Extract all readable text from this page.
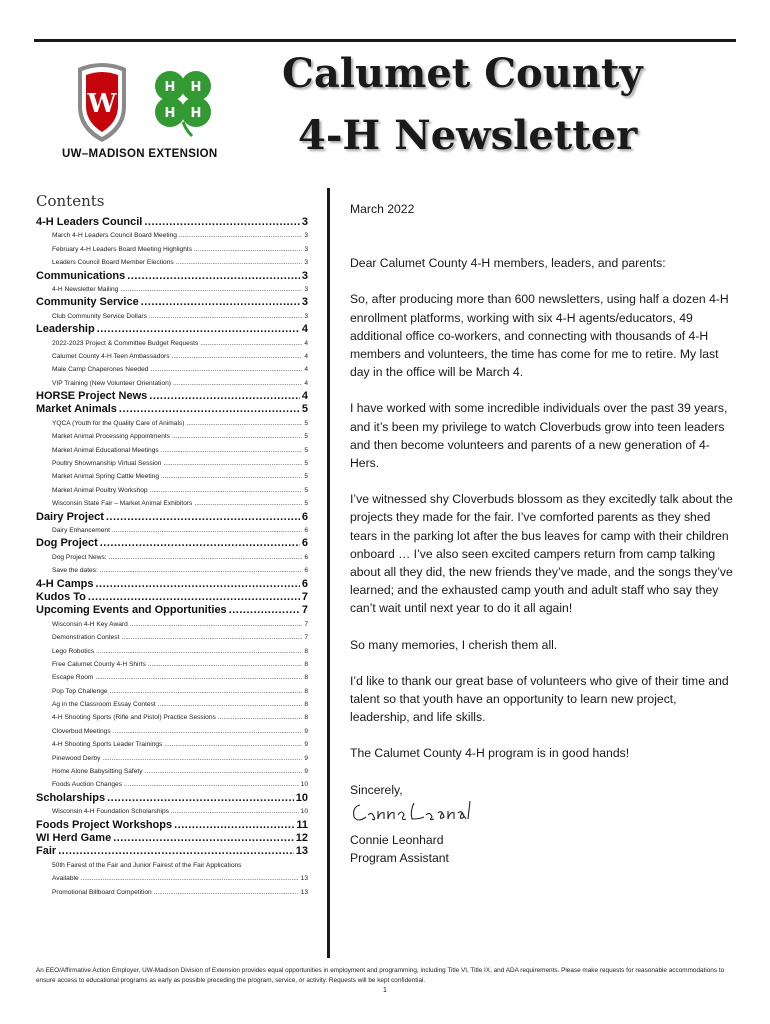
W
H H
H H
UW–MADISON EXTENSION
Calumet County
4-H Newsletter
Contents
4-H Leaders Council .....	3
March 4-H Leaders Council Board Meeting .....	3
February 4-H Leaders Board Meeting Highlights .....	3
Leaders Council Board Member Elections .....	3
Communications .....	3
4-H Newsletter Mailing .....	3
Community Service .....	3
Club Community Service Dollars .....	3
Leadership .....	4
2022-2023 Project & Committee Budget Requests .....	4
Calumet County 4-H Teen Ambassadors .....	4
Male Camp Chaperones Needed .....	4
VIP Training (New Volunteer Orientation) .....	4
HORSE Project News .....	4
Market Animals .....	5
YQCA (Youth for the Quality Care of Animals) .....	5
Market Animal Processing Appointments .....	5
Market Animal Educational Meetings .....	5
Poultry Showmanship Virtual Session .....	5
Market Animal Spring Cattle Meeting .....	5
Market Animal Poultry Workshop .....	5
Wisconsin State Fair – Market Animal Exhibitors .....	5
Dairy Project .....	6
Dairy Enhancement .....	6
Dog Project .....	6
Dog Project News: .....	6
Save the dates: .....	6
4-H Camps .....	6
Kudos To .....	7
Upcoming Events and Opportunities .....	7
Wisconsin 4-H Key Award .....	7
Demonstration Contest .....	7
Lego Robotics .....	8
Free Calumet County 4-H Shirts .....	8
Escape Room .....	8
Pop Top Challenge .....	8
Ag in the Classroom Essay Contest .....	8
4-H Shooting Sports (Rifle and Pistol) Practice Sessions .....	8
Cloverbud Meetings .....	9
4-H Shooting Sports Leader Trainings .....	9
Pinewood Derby .....	9
Home Alone Babysitting Safety .....	9
Foods Auction Changes .....	10
Scholarships .....	10
Wisconsin 4-H Foundation Scholarships .....	10
Foods Project Workshops .....	11
WI Herd Game .....	12
Fair .....	13
50th Fairest of the Fair and Junior Fairest of the Fair Applications
Available .....	13
Promotional Billboard Competition .....	13

March 2022

Dear Calumet County 4-H members, leaders, and parents:

So, after producing more than 600 newsletters, using half a dozen 4-H enrollment platforms, working with six 4-H agents/educators, 49 additional office co-workers, and connecting with thousands of 4-H members and volunteers, the time has come for me to retire. My last day in the office will be March 4.

I have worked with some incredible individuals over the past 39 years, and it’s been my privilege to watch Cloverbuds grow into teen leaders and then become volunteers and parents of a new generation of 4-Hers.

I’ve witnessed shy Cloverbuds blossom as they excitedly talk about the projects they made for the fair. I’ve comforted parents as they shed tears in the parking lot after the bus leaves for camp with their children onboard … I’ve also seen excited campers return from camp talking about all they did, the new friends they’ve made, and the songs they’ve learned; and the exhausted camp youth and adult staff who say they can’t wait until next year to do it all again!

So many memories, I cherish them all.

I’d like to thank our great base of volunteers who give of their time and talent so that youth have an opportunity to learn new project, leadership, and life skills.

The Calumet County 4-H program is in good hands!

Sincerely,

Connie Leonhard

Program Assistant

An EEO/Affirmative Action Employer, UW-Madison Division of Extension provides equal opportunities in employment and programming, including Title VI, Title IX, and ADA requirements. Please make requests for reasonable accommodations to ensure access to educational programs as early as possible preceding the program, service, or activity. Requests will be kept confidential.
1
